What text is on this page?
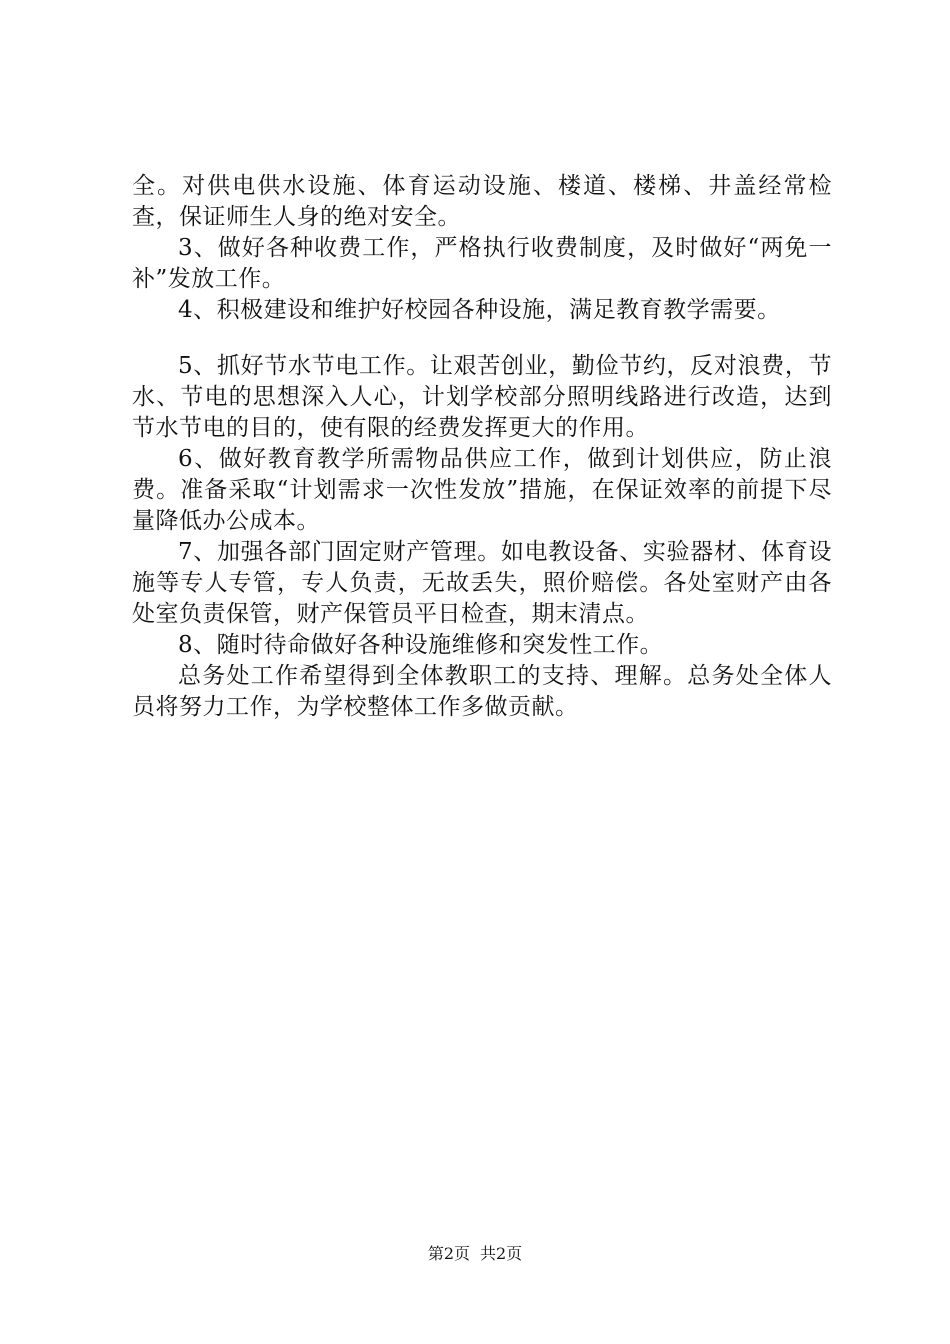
全。对供电供水设施、体育运动设施、楼道、楼梯、井盖经常检查，保证师生人身的绝对安全。

3、做好各种收费工作，严格执行收费制度，及时做好“两免一补”发放工作。

4、积极建设和维护好校园各种设施，满足教育教学需要。

5、抓好节水节电工作。让艰苦创业，勤俭节约，反对浪费，节水、节电的思想深入人心，计划学校部分照明线路进行改造，达到节水节电的目的，使有限的经费发挥更大的作用。

6、做好教育教学所需物品供应工作，做到计划供应，防止浪费。准备采取“计划需求一次性发放”措施，在保证效率的前提下尽量降低办公成本。

7、加强各部门固定财产管理。如电教设备、实验器材、体育设施等专人专管，专人负责，无故丢失，照价赔偿。各处室财产由各处室负责保管，财产保管员平日检查，期末清点。

8、随时待命做好各种设施维修和突发性工作。

总务处工作希望得到全体教职工的支持、理解。总务处全体人员将努力工作，为学校整体工作多做贡献。

第2页 共2页
